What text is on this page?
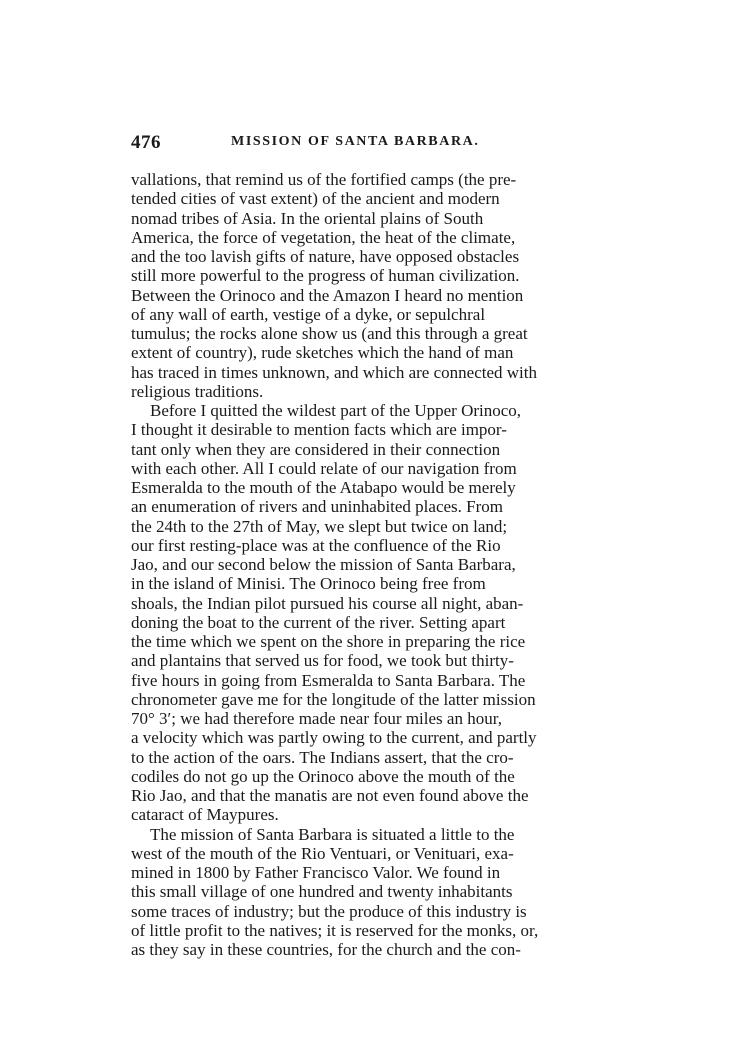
476	MISSION OF SANTA BARBARA.
vallations, that remind us of the fortified camps (the pre-
tended cities of vast extent) of the ancient and modern
nomad tribes of Asia. In the oriental plains of South
America, the force of vegetation, the heat of the climate,
and the too lavish gifts of nature, have opposed obstacles
still more powerful to the progress of human civilization.
Between the Orinoco and the Amazon I heard no mention
of any wall of earth, vestige of a dyke, or sepulchral
tumulus; the rocks alone show us (and this through a great
extent of country), rude sketches which the hand of man
has traced in times unknown, and which are connected with
religious traditions.
Before I quitted the wildest part of the Upper Orinoco,
I thought it desirable to mention facts which are impor-
tant only when they are considered in their connection
with each other. All I could relate of our navigation from
Esmeralda to the mouth of the Atabapo would be merely
an enumeration of rivers and uninhabited places. From
the 24th to the 27th of May, we slept but twice on land;
our first resting-place was at the confluence of the Rio
Jao, and our second below the mission of Santa Barbara,
in the island of Minisi. The Orinoco being free from
shoals, the Indian pilot pursued his course all night, aban-
doning the boat to the current of the river. Setting apart
the time which we spent on the shore in preparing the rice
and plantains that served us for food, we took but thirty-
five hours in going from Esmeralda to Santa Barbara. The
chronometer gave me for the longitude of the latter mission
70° 3′; we had therefore made near four miles an hour,
a velocity which was partly owing to the current, and partly
to the action of the oars. The Indians assert, that the cro-
codiles do not go up the Orinoco above the mouth of the
Rio Jao, and that the manatis are not even found above the
cataract of Maypures.
The mission of Santa Barbara is situated a little to the
west of the mouth of the Rio Ventuari, or Venituari, exa-
mined in 1800 by Father Francisco Valor. We found in
this small village of one hundred and twenty inhabitants
some traces of industry; but the produce of this industry is
of little profit to the natives; it is reserved for the monks, or,
as they say in these countries, for the church and the con-
